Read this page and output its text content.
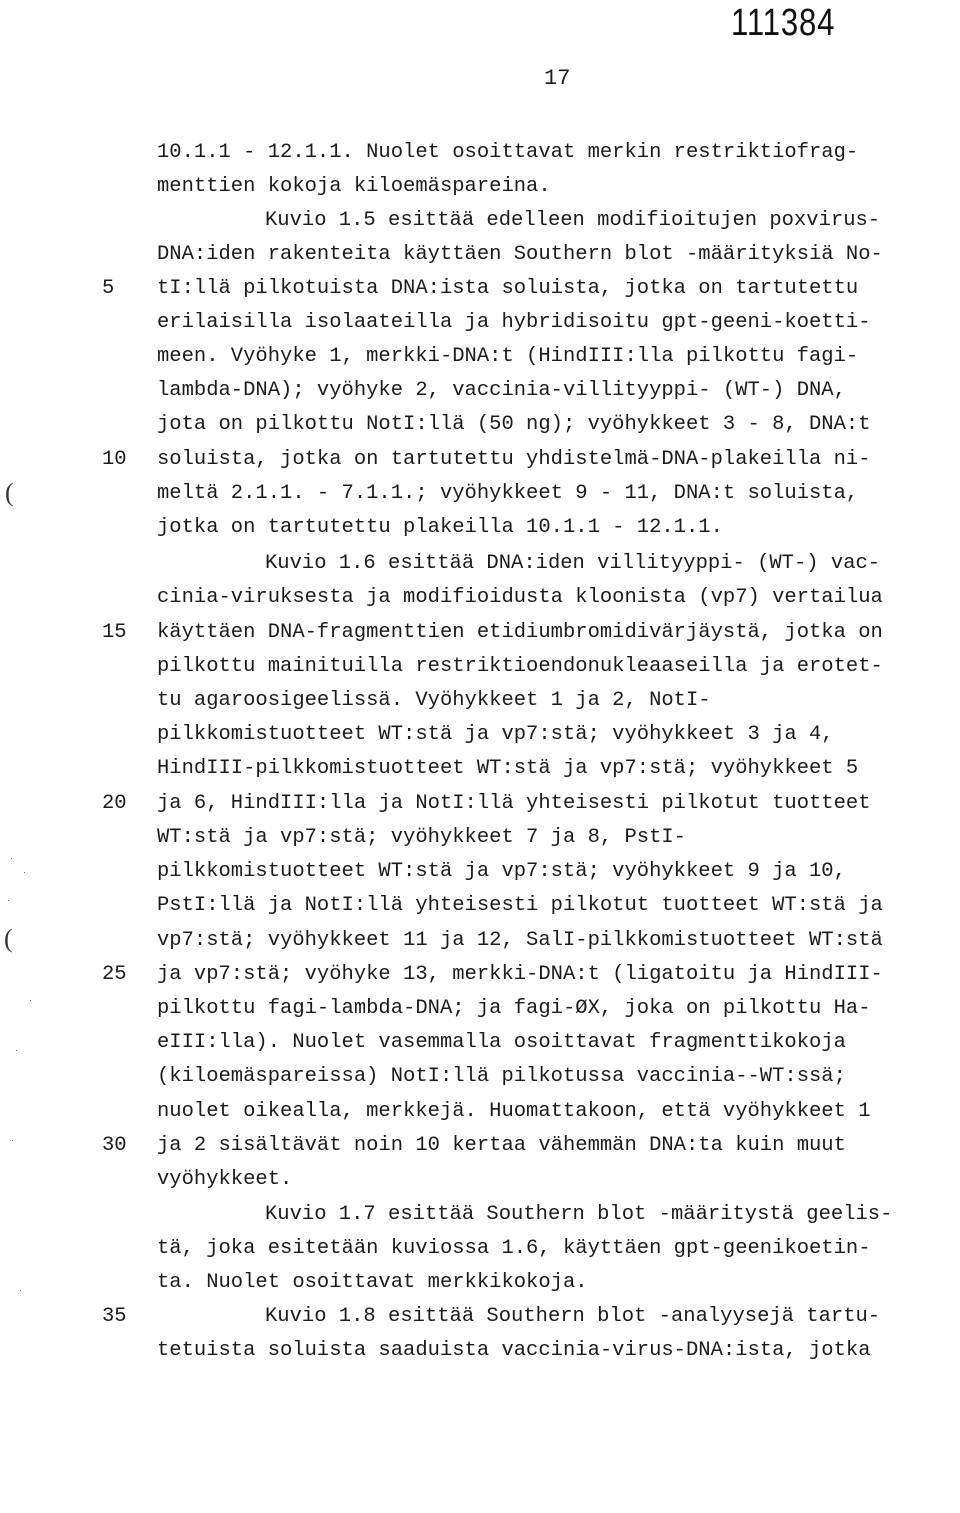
111384
17
5
10
15
20
25
30
35
(
(
10.1.1 - 12.1.1. Nuolet osoittavat merkin restriktiofrag-
menttien kokoja kiloemäspareina.
Kuvio 1.5 esittää edelleen modifioitujen poxvirus-
DNA:iden rakenteita käyttäen Southern blot -määrityksiä No-
tI:llä pilkotuista DNA:ista soluista, jotka on tartutettu
erilaisilla isolaateilla ja hybridisoitu gpt-geeni-koetti-
meen. Vyöhyke 1, merkki-DNA:t (HindIII:lla pilkottu fagi-
lambda-DNA); vyöhyke 2, vaccinia-villityyppi- (WT-) DNA,
jota on pilkottu NotI:llä (50 ng); vyöhykkeet 3 - 8, DNA:t
soluista, jotka on tartutettu yhdistelmä-DNA-plakeilla ni-
meltä 2.1.1. - 7.1.1.; vyöhykkeet 9 - 11, DNA:t soluista,
jotka on tartutettu plakeilla 10.1.1 - 12.1.1.
Kuvio 1.6 esittää DNA:iden villityyppi- (WT-) vac-
cinia-viruksesta ja modifioidusta kloonista (vp7) vertailua
käyttäen DNA-fragmenttien etidiumbromidivärjäystä, jotka on
pilkottu mainituilla restriktioendonukleaaseilla ja erotet-
tu agaroosigeelissä. Vyöhykkeet 1 ja 2, NotI-
pilkkomistuotteet WT:stä ja vp7:stä; vyöhykkeet 3 ja 4,
HindIII-pilkkomistuotteet WT:stä ja vp7:stä; vyöhykkeet 5
ja 6, HindIII:lla ja NotI:llä yhteisesti pilkotut tuotteet
WT:stä ja vp7:stä; vyöhykkeet 7 ja 8, PstI-
pilkkomistuotteet WT:stä ja vp7:stä; vyöhykkeet 9 ja 10,
PstI:llä ja NotI:llä yhteisesti pilkotut tuotteet WT:stä ja
vp7:stä; vyöhykkeet 11 ja 12, SalI-pilkkomistuotteet WT:stä
ja vp7:stä; vyöhyke 13, merkki-DNA:t (ligatoitu ja HindIII-
pilkottu fagi-lambda-DNA; ja fagi-ØX, joka on pilkottu Ha-
eIII:lla). Nuolet vasemmalla osoittavat fragmenttikokoja
(kiloemäspareissa) NotI:llä pilkotussa vaccinia--WT:ssä;
nuolet oikealla, merkkejä. Huomattakoon, että vyöhykkeet 1
ja 2 sisältävät noin 10 kertaa vähemmän DNA:ta kuin muut
vyöhykkeet.
Kuvio 1.7 esittää Southern blot -määritystä geelis-
tä, joka esitetään kuviossa 1.6, käyttäen gpt-geenikoetin-
ta. Nuolet osoittavat merkkikokoja.
Kuvio 1.8 esittää Southern blot -analyysejä tartu-
tetuista soluista saaduista vaccinia-virus-DNA:ista, jotka
